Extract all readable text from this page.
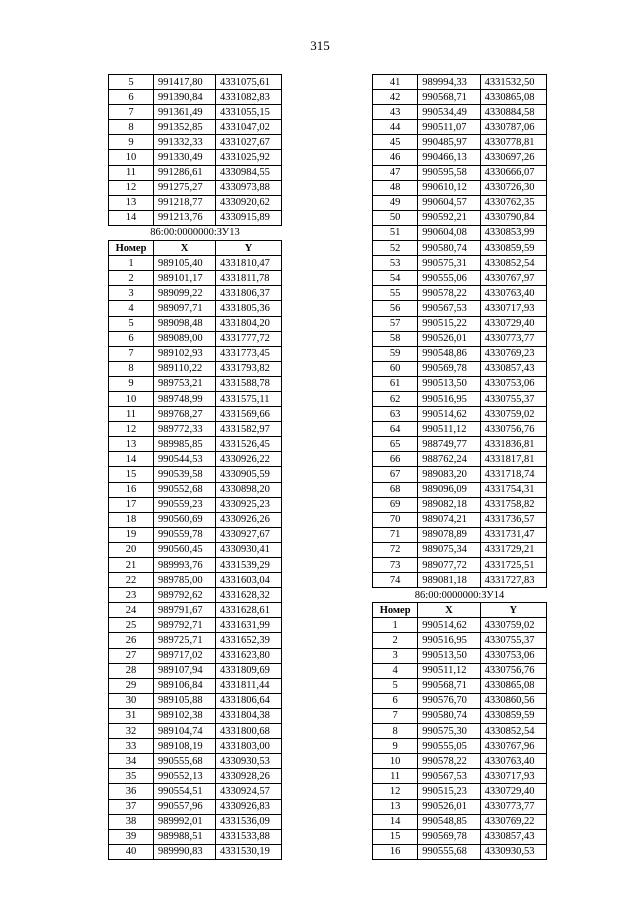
315
5	991417,80	4331075,61
6	991390,84	4331082,83
7	991361,49	4331055,15
8	991352,85	4331047,02
9	991332,33	4331027,67
10	991330,49	4331025,92
11	991286,61	4330984,55
12	991275,27	4330973,88
13	991218,77	4330920,62
14	991213,76	4330915,89
86:00:0000000:ЗУ13		
Номер	X	Y
1	989105,40	4331810,47
2	989101,17	4331811,78
3	989099,22	4331806,37
4	989097,71	4331805,36
5	989098,48	4331804,20
6	989089,00	4331777,72
7	989102,93	4331773,45
8	989110,22	4331793,82
9	989753,21	4331588,78
10	989748,99	4331575,11
11	989768,27	4331569,66
12	989772,33	4331582,97
13	989985,85	4331526,45
14	990544,53	4330926,22
15	990539,58	4330905,59
16	990552,68	4330898,20
17	990559,23	4330925,23
18	990560,69	4330926,26
19	990559,78	4330927,67
20	990560,45	4330930,41
21	989993,76	4331539,29
22	989785,00	4331603,04
23	989792,62	4331628,32
24	989791,67	4331628,61
25	989792,71	4331631,99
26	989725,71	4331652,39
27	989717,02	4331623,80
28	989107,94	4331809,69
29	989106,84	4331811,44
30	989105,88	4331806,64
31	989102,38	4331804,38
32	989104,74	4331800,68
33	989108,19	4331803,00
34	990555,68	4330930,53
35	990552,13	4330928,26
36	990554,51	4330924,57
37	990557,96	4330926,83
38	989992,01	4331536,09
39	989988,51	4331533,88
40	989990,83	4331530,19
41	989994,33	4331532,50
42	990568,71	4330865,08
43	990534,49	4330884,58
44	990511,07	4330787,06
45	990485,97	4330778,81
46	990466,13	4330697,26
47	990595,58	4330666,07
48	990610,12	4330726,30
49	990604,57	4330762,35
50	990592,21	4330790,84
51	990604,08	4330853,99
52	990580,74	4330859,59
53	990575,31	4330852,54
54	990555,06	4330767,97
55	990578,22	4330763,40
56	990567,53	4330717,93
57	990515,22	4330729,40
58	990526,01	4330773,77
59	990548,86	4330769,23
60	990569,78	4330857,43
61	990513,50	4330753,06
62	990516,95	4330755,37
63	990514,62	4330759,02
64	990511,12	4330756,76
65	988749,77	4331836,81
66	988762,24	4331817,81
67	989083,20	4331718,74
68	989096,09	4331754,31
69	989082,18	4331758,82
70	989074,21	4331736,57
71	989078,89	4331731,47
72	989075,34	4331729,21
73	989077,72	4331725,51
74	989081,18	4331727,83
86:00:0000000:ЗУ14		
Номер	X	Y
1	990514,62	4330759,02
2	990516,95	4330755,37
3	990513,50	4330753,06
4	990511,12	4330756,76
5	990568,71	4330865,08
6	990576,70	4330860,56
7	990580,74	4330859,59
8	990575,30	4330852,54
9	990555,05	4330767,96
10	990578,22	4330763,40
11	990567,53	4330717,93
12	990515,23	4330729,40
13	990526,01	4330773,77
14	990548,85	4330769,22
15	990569,78	4330857,43
16	990555,68	4330930,53
